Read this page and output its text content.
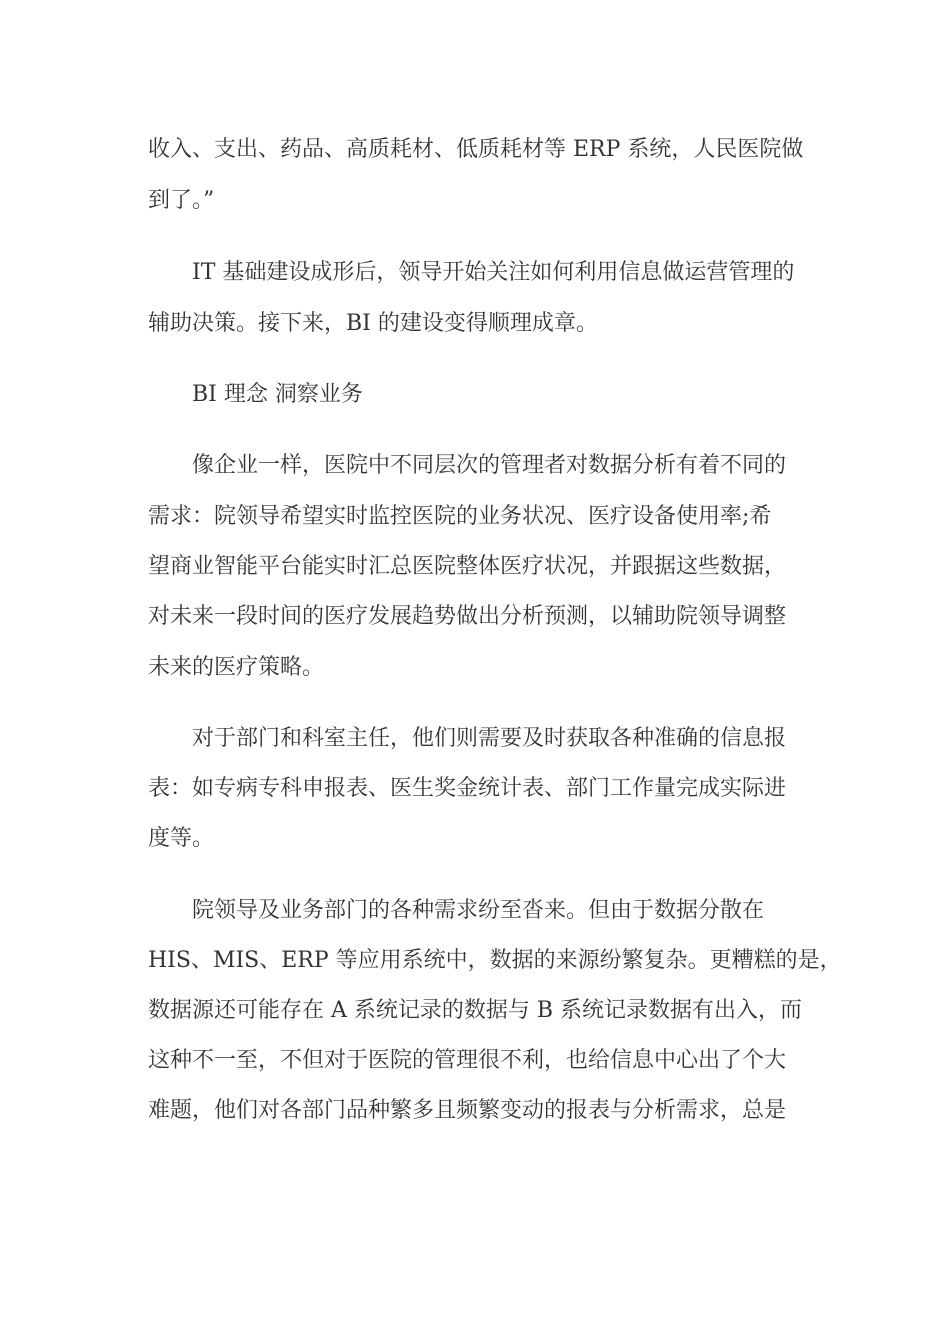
收入、支出、药品、高质耗材、低质耗材等 ERP 系统，人民医院做
到了。”
IT 基础建设成形后，领导开始关注如何利用信息做运营管理的
辅助决策。接下来，BI 的建设变得顺理成章。
BI 理念 洞察业务
像企业一样，医院中不同层次的管理者对数据分析有着不同的
需求：院领导希望实时监控医院的业务状况、医疗设备使用率;希
望商业智能平台能实时汇总医院整体医疗状况，并跟据这些数据，
对未来一段时间的医疗发展趋势做出分析预测，以辅助院领导调整
未来的医疗策略。
对于部门和科室主任，他们则需要及时获取各种准确的信息报
表：如专病专科申报表、医生奖金统计表、部门工作量完成实际进
度等。
院领导及业务部门的各种需求纷至沓来。但由于数据分散在
HIS、MIS、ERP 等应用系统中，数据的来源纷繁复杂。更糟糕的是，
数据源还可能存在 A 系统记录的数据与 B 系统记录数据有出入，而
这种不一至，不但对于医院的管理很不利，也给信息中心出了个大
难题，他们对各部门品种繁多且频繁变动的报表与分析需求，总是
